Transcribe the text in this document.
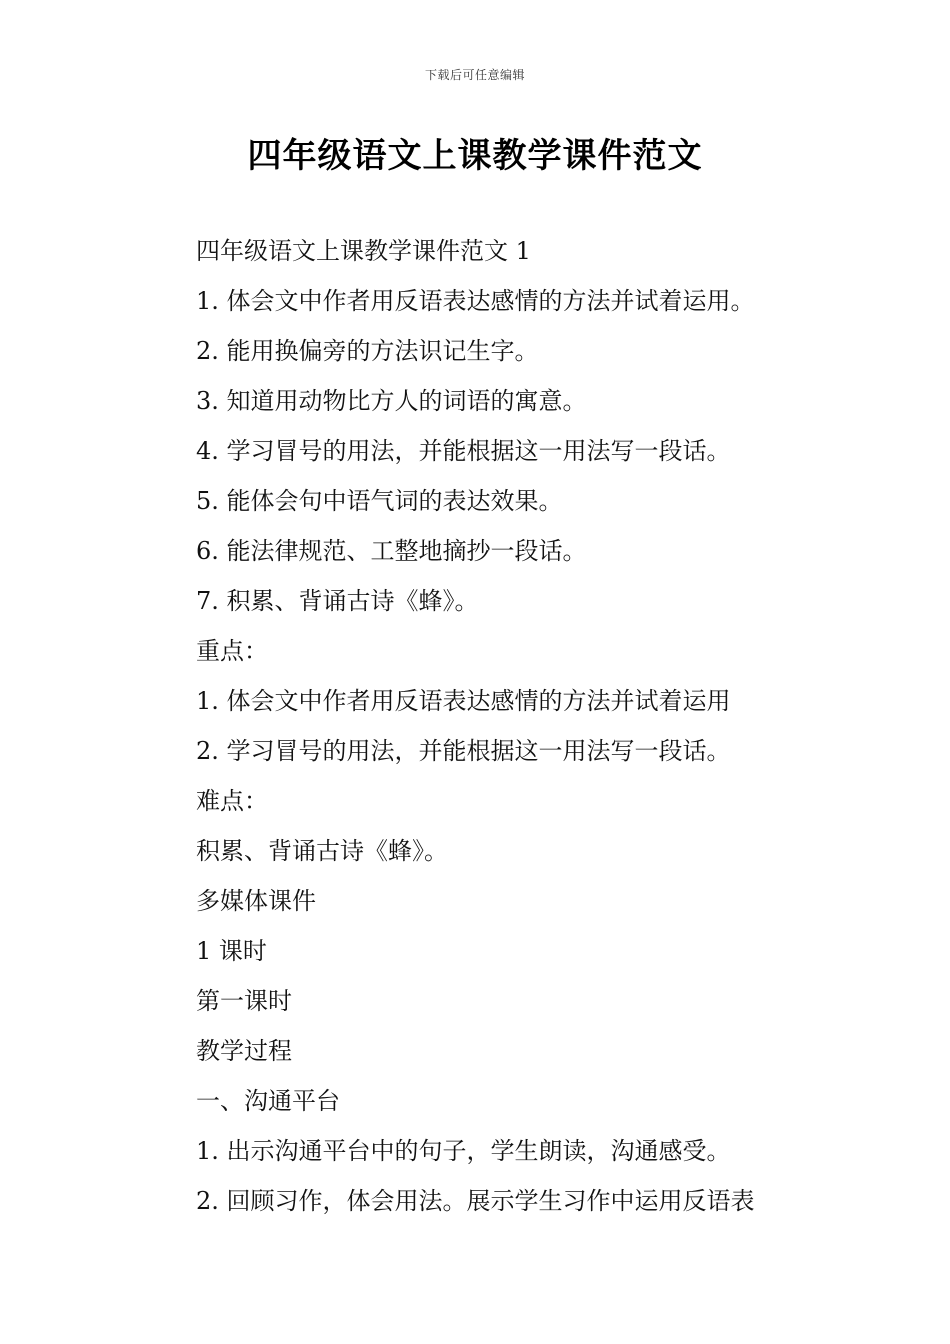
下载后可任意编辑
四年级语文上课教学课件范文
四年级语文上课教学课件范文 1
1. 体会文中作者用反语表达感情的方法并试着运用。
2. 能用换偏旁的方法识记生字。
3. 知道用动物比方人的词语的寓意。
4. 学习冒号的用法，并能根据这一用法写一段话。
5. 能体会句中语气词的表达效果。
6. 能法律规范、工整地摘抄一段话。
7. 积累、背诵古诗《蜂》。
重点：
1. 体会文中作者用反语表达感情的方法并试着运用
2. 学习冒号的用法，并能根据这一用法写一段话。
难点：
积累、背诵古诗《蜂》。
多媒体课件
1 课时
第一课时
教学过程
一、沟通平台
1. 出示沟通平台中的句子，学生朗读，沟通感受。
2. 回顾习作，体会用法。展示学生习作中运用反语表
